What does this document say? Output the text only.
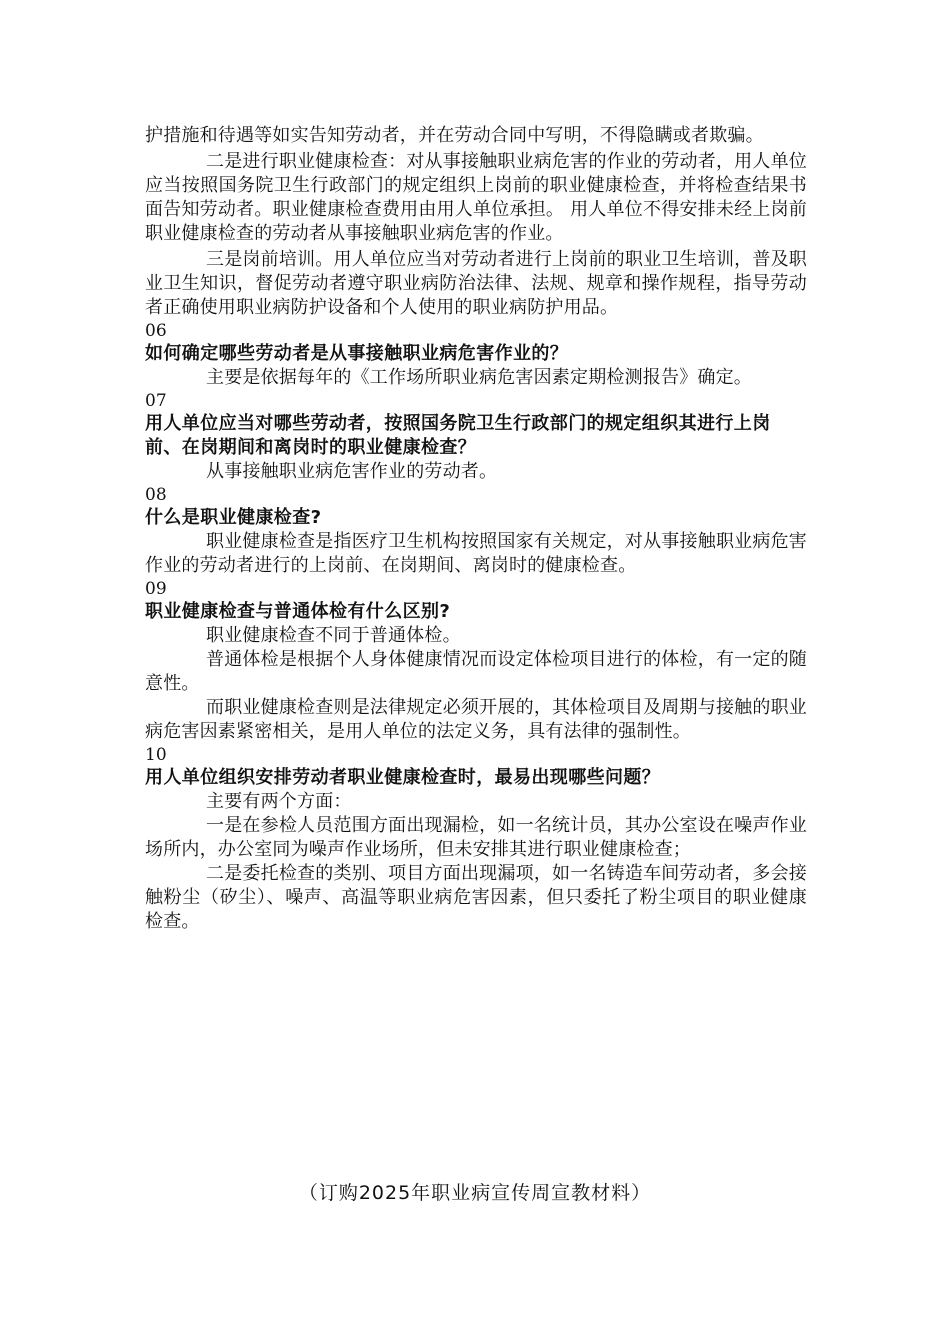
护措施和待遇等如实告知劳动者，并在劳动合同中写明，不得隐瞒或者欺骗。

二是进行职业健康检查：对从事接触职业病危害的作业的劳动者，用人单位应当按照国务院卫生行政部门的规定组织上岗前的职业健康检查，并将检查结果书面告知劳动者。职业健康检查费用由用人单位承担。 用人单位不得安排未经上岗前职业健康检查的劳动者从事接触职业病危害的作业。

三是岗前培训。用人单位应当对劳动者进行上岗前的职业卫生培训，普及职业卫生知识，督促劳动者遵守职业病防治法律、法规、规章和操作规程，指导劳动者正确使用职业病防护设备和个人使用的职业病防护用品。

06

如何确定哪些劳动者是从事接触职业病危害作业的？

主要是依据每年的《工作场所职业病危害因素定期检测报告》确定。

07

用人单位应当对哪些劳动者，按照国务院卫生行政部门的规定组织其进行上岗前、在岗期间和离岗时的职业健康检查？

从事接触职业病危害作业的劳动者。

08

什么是职业健康检查?

职业健康检查是指医疗卫生机构按照国家有关规定，对从事接触职业病危害作业的劳动者进行的上岗前、在岗期间、离岗时的健康检查。

09

职业健康检查与普通体检有什么区别?

职业健康检查不同于普通体检。

普通体检是根据个人身体健康情况而设定体检项目进行的体检，有一定的随意性。

而职业健康检查则是法律规定必须开展的，其体检项目及周期与接触的职业病危害因素紧密相关，是用人单位的法定义务，具有法律的强制性。

10

用人单位组织安排劳动者职业健康检查时，最易出现哪些问题？

主要有两个方面：

一是在参检人员范围方面出现漏检，如一名统计员，其办公室设在噪声作业场所内，办公室同为噪声作业场所，但未安排其进行职业健康检查；

二是委托检查的类别、项目方面出现漏项，如一名铸造车间劳动者，多会接触粉尘（矽尘）、噪声、高温等职业病危害因素，但只委托了粉尘项目的职业健康检查。

（订购2025年职业病宣传周宣教材料）
